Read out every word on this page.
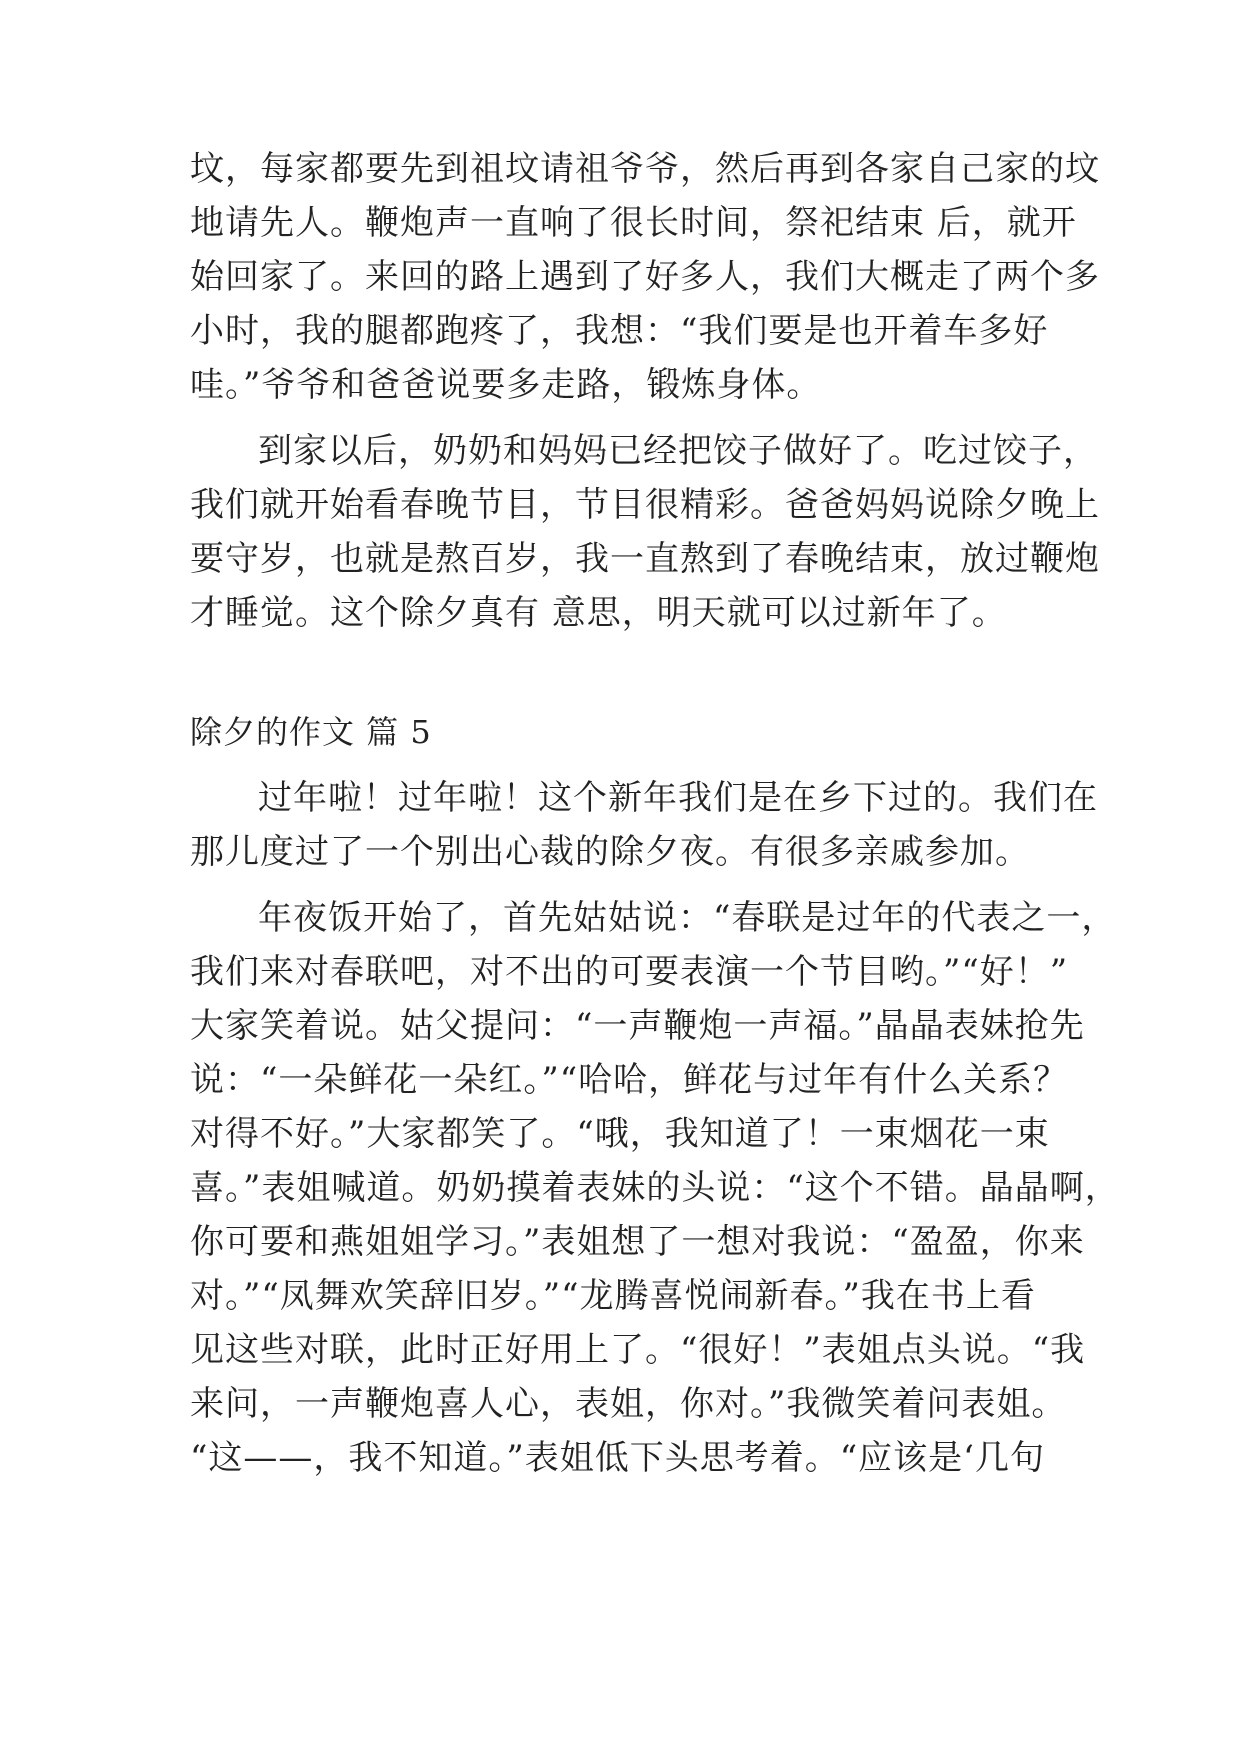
坟，每家都要先到祖坟请祖爷爷，然后再到各家自己家的坟

地请先人。鞭炮声一直响了很长时间，祭祀结束 后，就开

始回家了。来回的路上遇到了好多人，我们大概走了两个多

小时，我的腿都跑疼了，我想：“我们要是也开着车多好

哇。”爷爷和爸爸说要多走路，锻炼身体。

到家以后，奶奶和妈妈已经把饺子做好了。吃过饺子，

我们就开始看春晚节目，节目很精彩。爸爸妈妈说除夕晚上

要守岁，也就是熬百岁，我一直熬到了春晚结束，放过鞭炮

才睡觉。这个除夕真有 意思，明天就可以过新年了。

除夕的作文 篇 5

过年啦！过年啦！这个新年我们是在乡下过的。我们在

那儿度过了一个别出心裁的除夕夜。有很多亲戚参加。

年夜饭开始了，首先姑姑说：“春联是过年的代表之一，

我们来对春联吧，对不出的可要表演一个节目哟。”“好！”

大家笑着说。姑父提问：“一声鞭炮一声福。”晶晶表妹抢先

说：“一朵鲜花一朵红。”“哈哈，鲜花与过年有什么关系？

对得不好。”大家都笑了。“哦，我知道了！一束烟花一束

喜。”表姐喊道。奶奶摸着表妹的头说：“这个不错。晶晶啊，

你可要和燕姐姐学习。”表姐想了一想对我说：“盈盈，你来

对。”“凤舞欢笑辞旧岁。”“龙腾喜悦闹新春。”我在书上看

见这些对联，此时正好用上了。“很好！”表姐点头说。“我

来问，一声鞭炮喜人心，表姐，你对。”我微笑着问表姐。

“这——，我不知道。”表姐低下头思考着。“应该是‘几句
